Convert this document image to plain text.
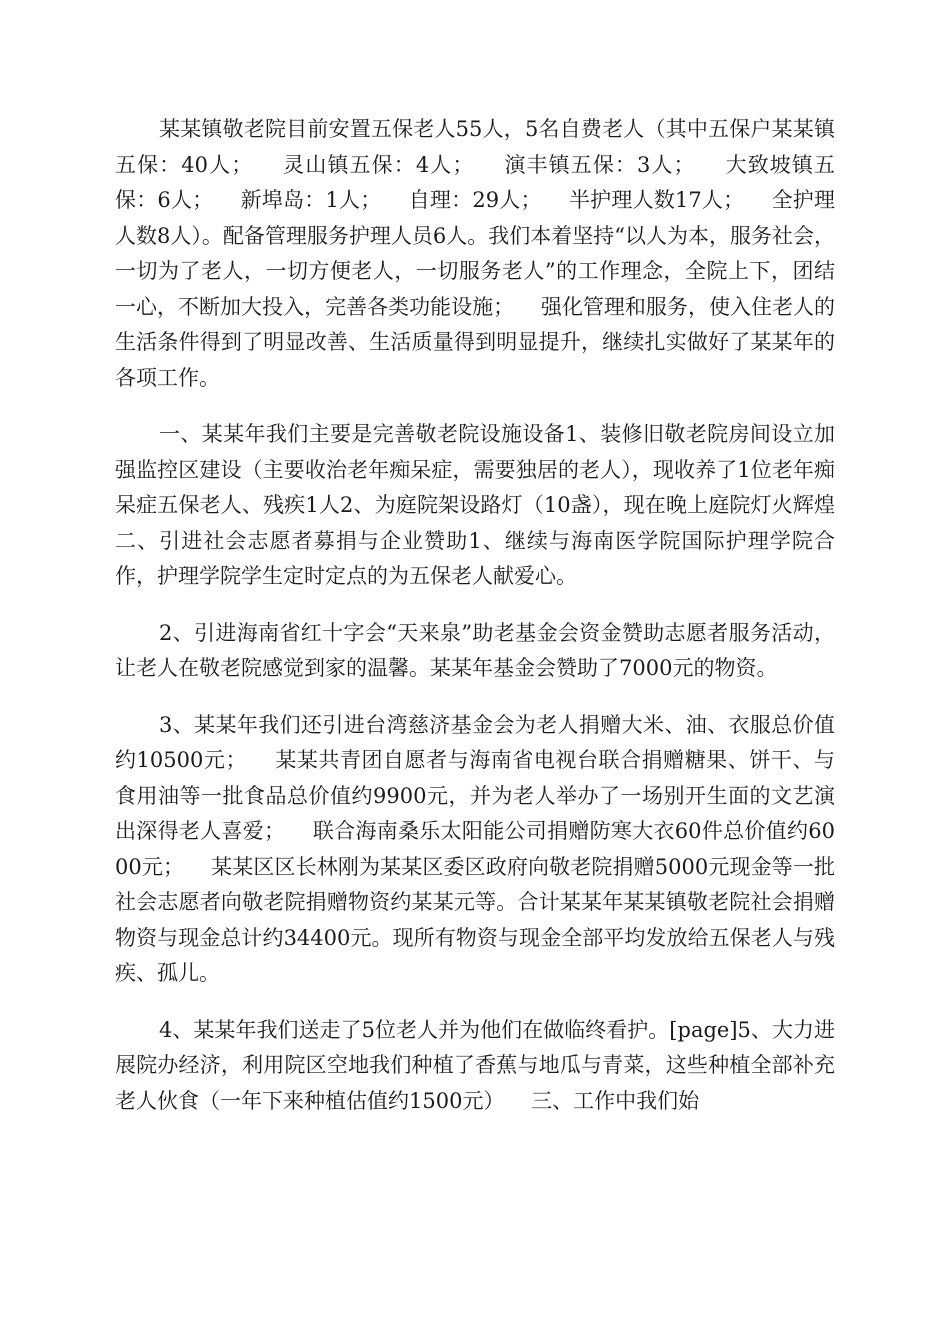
某某镇敬老院目前安置五保老人55人，5名自费老人（其中五保户某某镇五保：40人；    灵山镇五保：4人；    演丰镇五保：3人；    大致坡镇五保：6人；    新埠岛：1人；    自理：29人；    半护理人数17人；    全护理人数8人）。配备管理服务护理人员6人。我们本着坚持“以人为本，服务社会，一切为了老人，一切方便老人，一切服务老人”的工作理念，全院上下，团结一心，不断加大投入，完善各类功能设施；    强化管理和服务，使入住老人的生活条件得到了明显改善、生活质量得到明显提升，继续扎实做好了某某年的各项工作。

一、某某年我们主要是完善敬老院设施设备1、装修旧敬老院房间设立加强监控区建设（主要收治老年痴呆症，需要独居的老人），现收养了1位老年痴呆症五保老人、残疾1人2、为庭院架设路灯（10盏），现在晚上庭院灯火辉煌二、引进社会志愿者募捐与企业赞助1、继续与海南医学院国际护理学院合作，护理学院学生定时定点的为五保老人献爱心。

2、引进海南省红十字会“天来泉”助老基金会资金赞助志愿者服务活动，让老人在敬老院感觉到家的温馨。某某年基金会赞助了7000元的物资。

3、某某年我们还引进台湾慈济基金会为老人捐赠大米、油、衣服总价值约10500元；    某某共青团自愿者与海南省电视台联合捐赠糖果、饼干、与食用油等一批食品总价值约9900元，并为老人举办了一场别开生面的文艺演出深得老人喜爱；    联合海南桑乐太阳能公司捐赠防寒大衣60件总价值约6000元；    某某区区长林刚为某某区委区政府向敬老院捐赠5000元现金等一批社会志愿者向敬老院捐赠物资约某某元等。合计某某年某某镇敬老院社会捐赠物资与现金总计约34400元。现所有物资与现金全部平均发放给五保老人与残疾、孤儿。

4、某某年我们送走了5位老人并为他们在做临终看护。[page]5、大力进展院办经济，利用院区空地我们种植了香蕉与地瓜与青菜，这些种植全部补充老人伙食（一年下来种植估值约1500元）    三、工作中我们始
